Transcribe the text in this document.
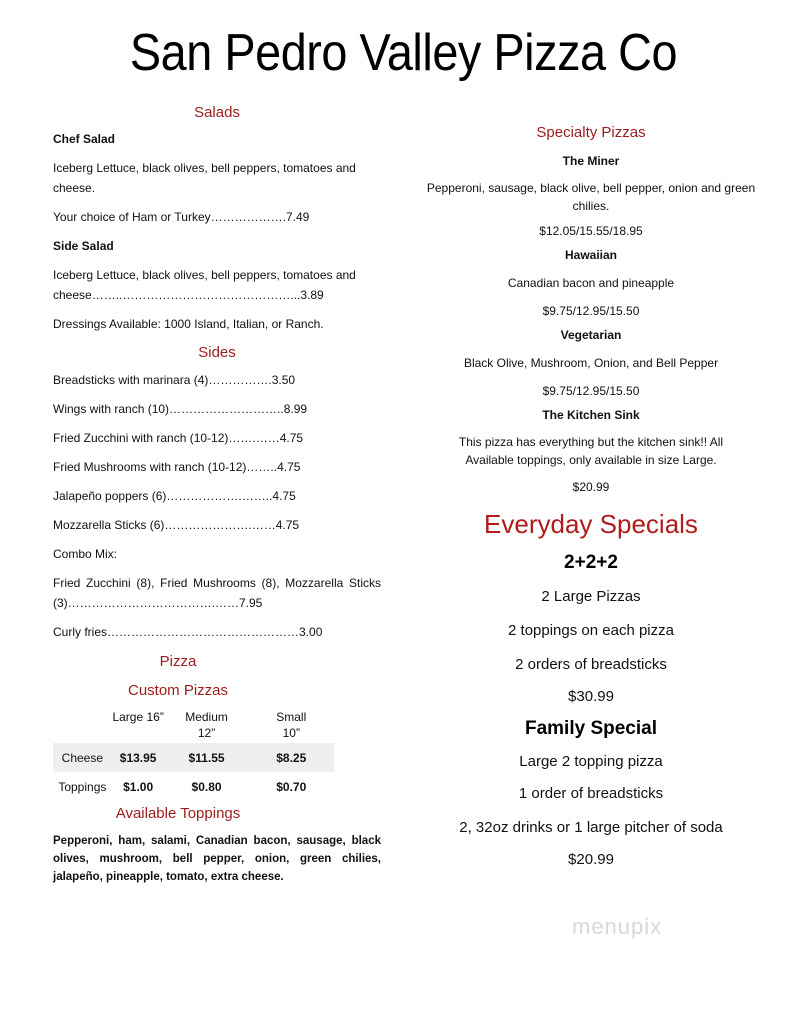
San Pedro Valley Pizza Co
Salads
Chef Salad
Iceberg Lettuce, black olives, bell peppers, tomatoes and cheese.
Your choice of Ham or Turkey……………….7.49
Side Salad
Iceberg Lettuce, black olives, bell peppers, tomatoes and cheese……..……………………………………...3.89
Dressings Available: 1000 Island, Italian, or Ranch.
Sides
Breadsticks with marinara (4)…………….3.50
Wings with ranch (10)………………………..8.99
Fried Zucchini with ranch (10-12)…….……4.75
Fried Mushrooms with ranch (10-12)……..4.75
Jalapeño poppers (6)……………….……..4.75
Mozzarella Sticks (6)………………….……4.75
Combo Mix:
Fried Zucchini (8), Fried Mushrooms (8), Mozzarella Sticks (3)……………………………….……7.95
Curly fries…………………………………………3.00
Pizza
Custom Pizzas
	Large 16”	Medium 12”	Small 10”
Cheese	$13.95	$11.55	$8.25
Toppings	$1.00	$0.80	$0.70
Available Toppings
Pepperoni, ham, salami, Canadian bacon, sausage, black olives, mushroom, bell pepper, onion, green chilies, jalapeño, pineapple, tomato, extra cheese.
Specialty Pizzas
The Miner
Pepperoni, sausage, black olive, bell pepper, onion and green chilies.
$12.05/15.55/18.95
Hawaiian
Canadian bacon and pineapple
$9.75/12.95/15.50
Vegetarian
Black Olive, Mushroom, Onion, and Bell Pepper
$9.75/12.95/15.50
The Kitchen Sink
This pizza has everything but the kitchen sink!! All Available toppings, only available in size Large.
$20.99
Everyday Specials
2+2+2
2 Large Pizzas
2 toppings on each pizza
2 orders of breadsticks
$30.99
Family Special
Large 2 topping pizza
1 order of breadsticks
2, 32oz drinks or 1 large pitcher of soda
$20.99
menupix
